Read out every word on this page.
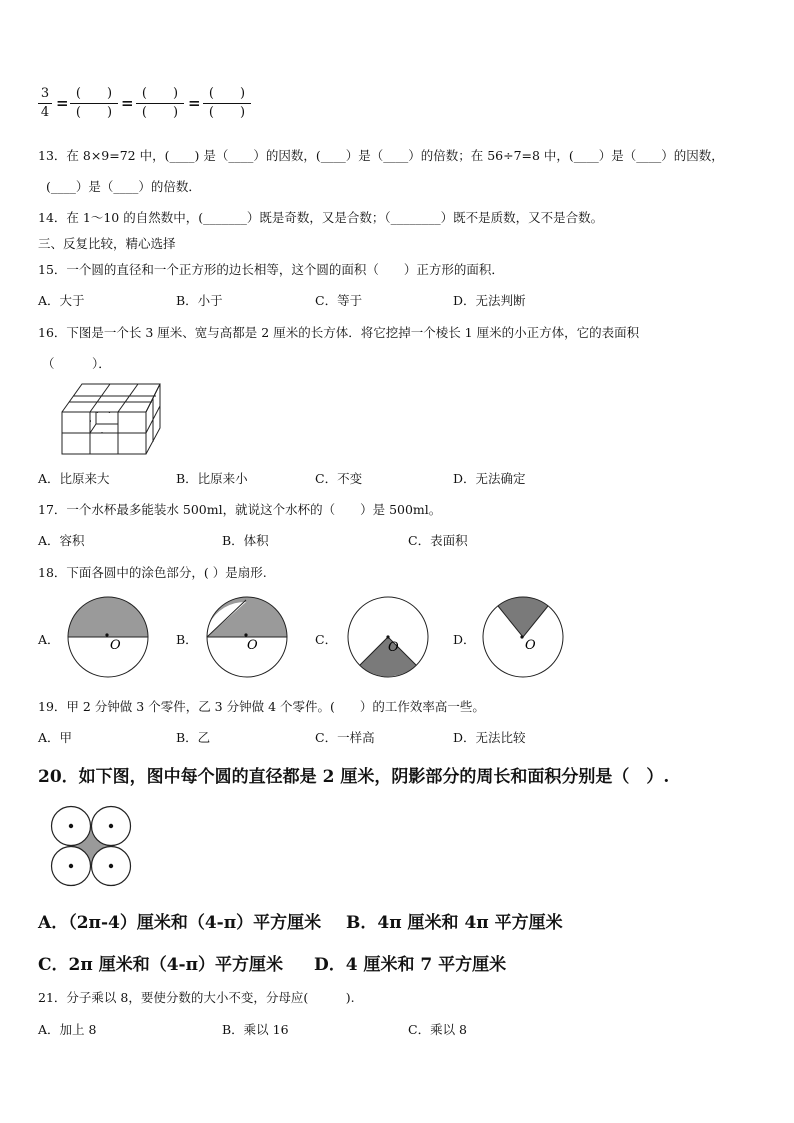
3
4
=
(　　)
(　　)
=
(　　)
(　　)
=
(　　)
(　　)
13．在 8×9=72 中，(____) 是（____）的因数，(____）是（____）的倍数；在 56÷7=8 中，(____）是（____）的因数，
(____）是（____）的倍数．
14．在 1～10 的自然数中，(_______）既是奇数，又是合数；（________）既不是质数，又不是合数。
三、反复比较，精心选择
15．一个圆的直径和一个正方形的边长相等，这个圆的面积（　　）正方形的面积．
A．大于	B．小于	C．等于	D．无法判断
16．下图是一个长 3 厘米、宽与高都是 2 厘米的长方体．将它挖掉一个棱长 1 厘米的小正方体，它的表面积
（　　　）．
A．比原来大	B．比原来小	C．不变	D．无法确定
17．一个水杯最多能装水 500ml，就说这个水杯的（　　）是 500ml。
A．容积	B．体积	C．表面积
18．下面各圆中的涂色部分，( ）是扇形.
A．	O	B．	O	C．
O
D．	O
19．甲 2 分钟做 3 个零件，乙 3 分钟做 4 个零件。(　　）的工作效率高一些。
A．甲	B．乙	C．一样高	D．无法比较
20．如下图，图中每个圆的直径都是 2 厘米，阴影部分的周长和面积分别是（　）.
A．（2π-4）厘米和（4-π）平方厘米 B．4π 厘米和 4π 平方厘米
C．2π 厘米和（4-π）平方厘米 D．4 厘米和 7 平方厘米
21．分子乘以 8，要使分数的大小不变，分母应(　　　).
A．加上 8	B．乘以 16	C．乘以 8
